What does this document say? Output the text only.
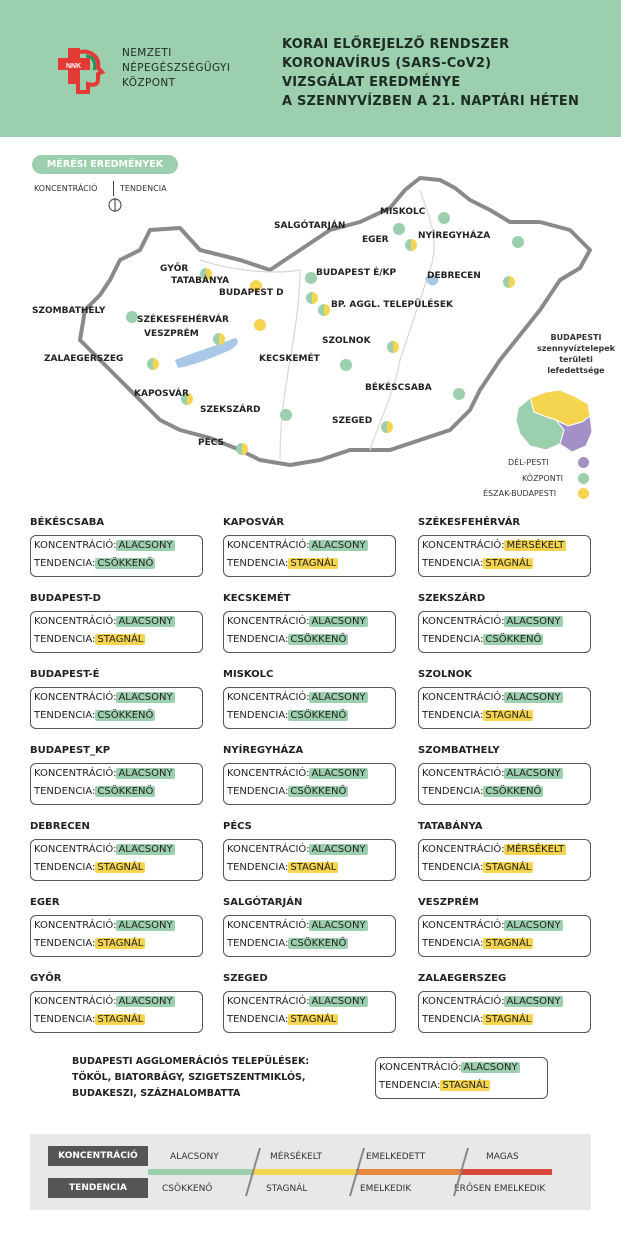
NNK
NEMZETI
NÉPEGÉSZSÉGÜGYI
KÖZPONT
KORAI ELŐREJELZŐ RENDSZER
KORONAVÍRUS (SARS-CoV2)
VIZSGÁLAT EREDMÉNYE
A SZENNYVÍZBEN A 21. NAPTÁRI HÉTEN
MÉRÉSI EREDMÉNYEK
KONCENTRÁCIÓ	TENDENCIA
MISKOLC
SALGÓTARJÁN
EGER	NYÍREGYHÁZA
GYŐR
TATABÁNYA
BUDAPEST É/KP
BUDAPEST D
BP. AGGL. TELEPÜLÉSEK
DEBRECEN
SZOMBATHELY
SZÉKESFEHÉRVÁR
VESZPRÉM
SZOLNOK
ZALAEGERSZEG	KECSKEMÉT
KAPOSVÁR
BÉKÉSCSABA
SZEKSZÁRD
SZEGED
PÉCS
BUDAPESTI
szennyvíztelepek
területi
lefedettsége
DÉL-PESTI
KÖZPONTI
ÉSZAK-BUDAPESTI
BÉKÉSCSABA
KONCENTRÁCIÓ: ALACSONY
TENDENCIA: CSÖKKENŐ
KAPOSVÁR
KONCENTRÁCIÓ: ALACSONY
TENDENCIA: STAGNÁL
SZÉKESFEHÉRVÁR
KONCENTRÁCIÓ: MÉRSÉKELT
TENDENCIA: STAGNÁL
BUDAPEST-D
KONCENTRÁCIÓ: ALACSONY
TENDENCIA: STAGNÁL
KECSKEMÉT
KONCENTRÁCIÓ: ALACSONY
TENDENCIA: CSÖKKENŐ
SZEKSZÁRD
KONCENTRÁCIÓ: ALACSONY
TENDENCIA: CSÖKKENŐ
BUDAPEST-É
KONCENTRÁCIÓ: ALACSONY
TENDENCIA: CSÖKKENŐ
MISKOLC
KONCENTRÁCIÓ: ALACSONY
TENDENCIA: CSÖKKENŐ
SZOLNOK
KONCENTRÁCIÓ: ALACSONY
TENDENCIA: STAGNÁL
BUDAPEST_KP
KONCENTRÁCIÓ: ALACSONY
TENDENCIA: CSÖKKENŐ
NYÍREGYHÁZA
KONCENTRÁCIÓ: ALACSONY
TENDENCIA: CSÖKKENŐ
SZOMBATHELY
KONCENTRÁCIÓ: ALACSONY
TENDENCIA: CSÖKKENŐ
DEBRECEN
KONCENTRÁCIÓ: ALACSONY
TENDENCIA: STAGNÁL
PÉCS
KONCENTRÁCIÓ: ALACSONY
TENDENCIA: STAGNÁL
TATABÁNYA
KONCENTRÁCIÓ: MÉRSÉKELT
TENDENCIA: STAGNÁL
EGER
KONCENTRÁCIÓ: ALACSONY
TENDENCIA: STAGNÁL
SALGÓTARJÁN
KONCENTRÁCIÓ: ALACSONY
TENDENCIA: CSÖKKENŐ
VESZPRÉM
KONCENTRÁCIÓ: ALACSONY
TENDENCIA: STAGNÁL
GYŐR
KONCENTRÁCIÓ: ALACSONY
TENDENCIA: STAGNÁL
SZEGED
KONCENTRÁCIÓ: ALACSONY
TENDENCIA: STAGNÁL
ZALAEGERSZEG
KONCENTRÁCIÓ: ALACSONY
TENDENCIA: STAGNÁL
BUDAPESTI AGGLOMERÁCIÓS TELEPÜLÉSEK:
TÖKÖL, BIATORBÁGY, SZIGETSZENTMIKLÓS,
BUDAKESZI, SZÁZHALOMBATTA
KONCENTRÁCIÓ: ALACSONY
TENDENCIA: STAGNÁL
KONCENTRÁCIÓ
TENDENCIA
ALACSONY	MÉRSÉKELT	EMELKEDETT	MAGAS
CSÖKKENŐ	STAGNÁL	EMELKEDIK	ERŐSEN EMELKEDIK
